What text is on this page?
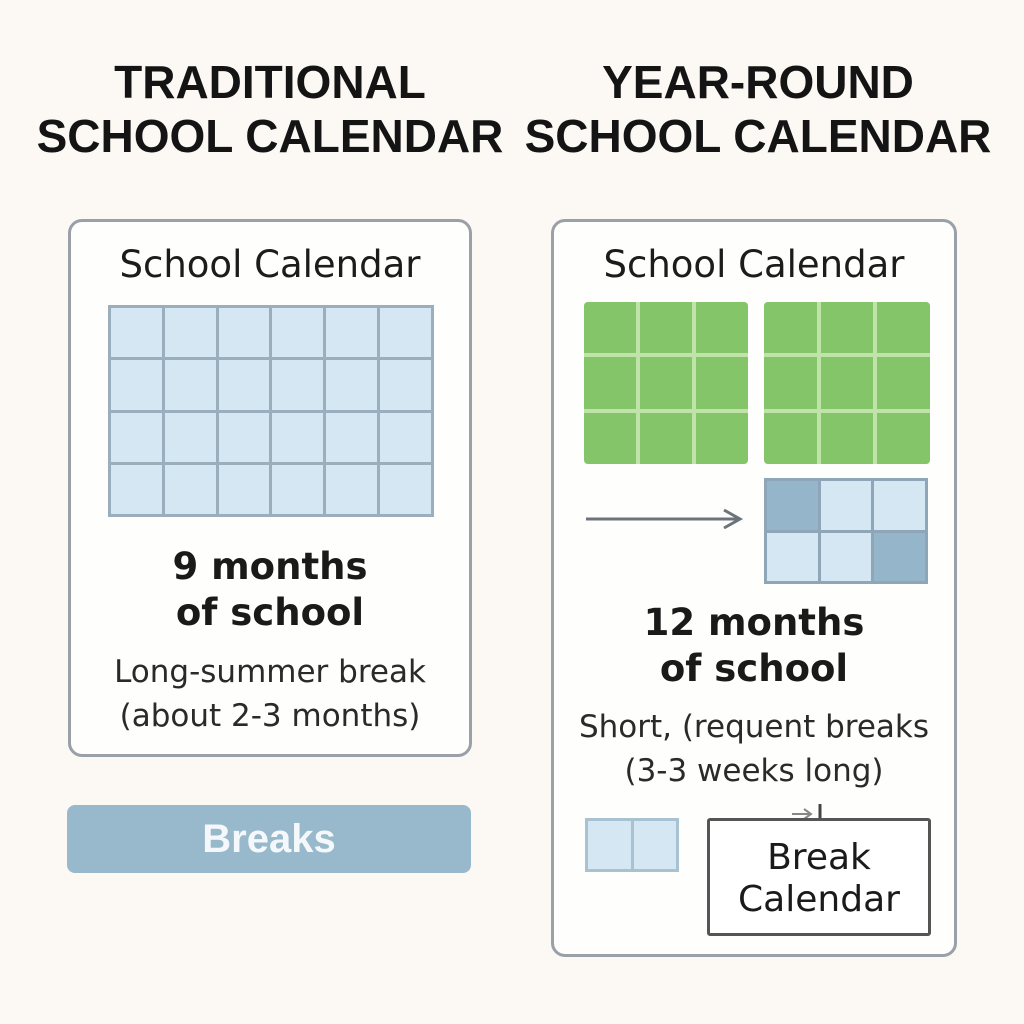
TRADITIONAL
SCHOOL CALENDAR
YEAR-ROUND
SCHOOL CALENDAR
School Calendar
9 months
of school
Long-summer break
(about 2-3 months)
Breaks
School Calendar
12 months
of school
Short, (requent breaks
(3-3 weeks long)
Break
Calendar
